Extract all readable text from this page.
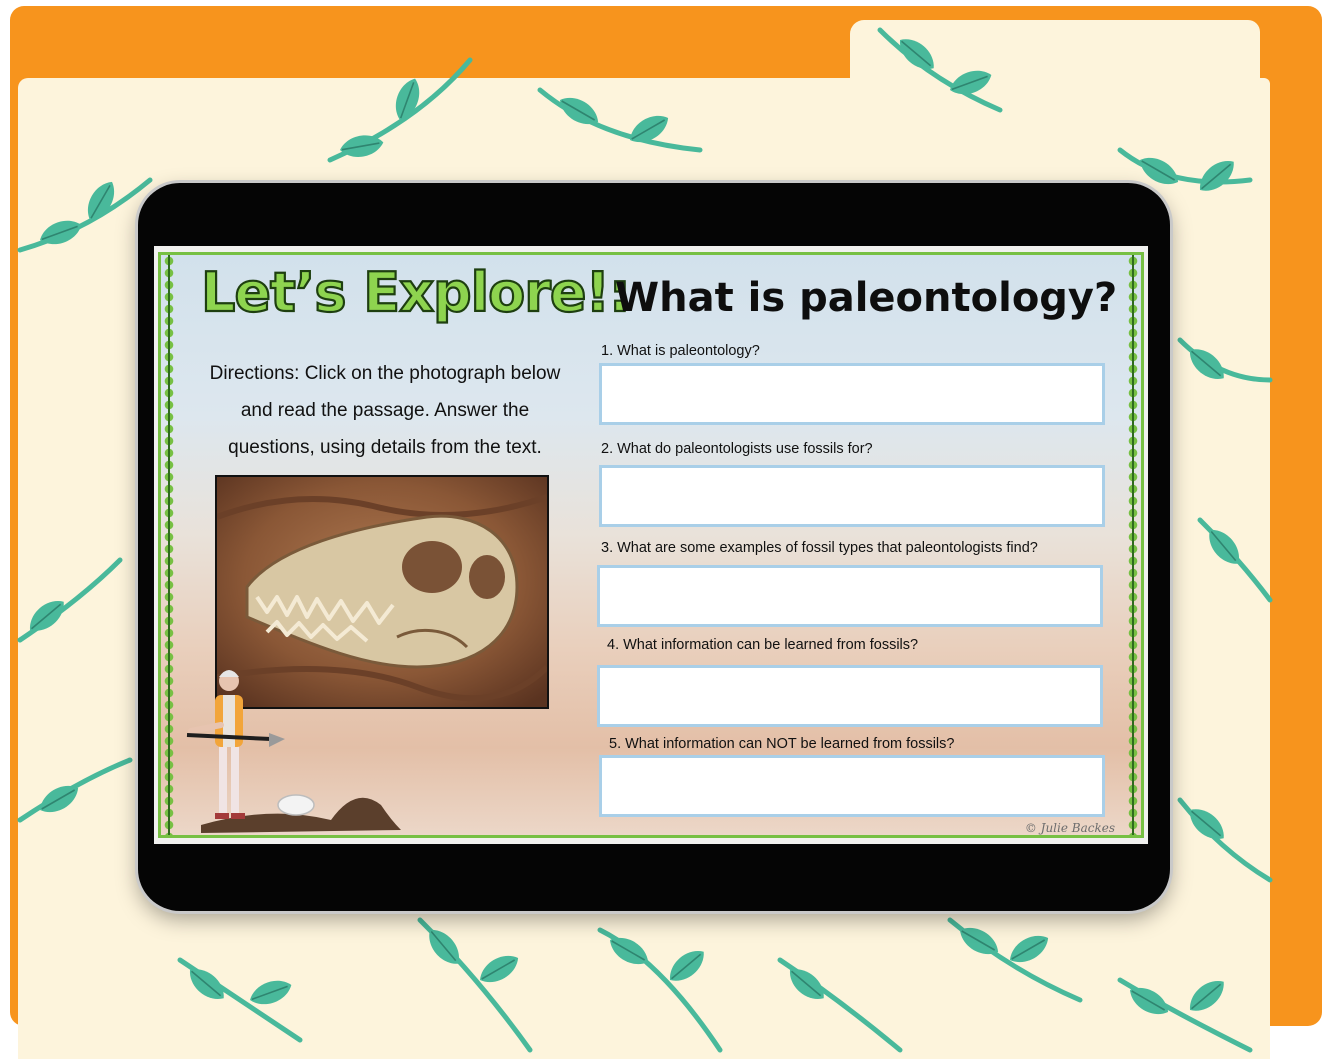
Let’s Explore!:
What is paleontology?
Directions: Click on the photograph below and read the passage. Answer the questions, using details from the text.
1. What is paleontology?
2. What do paleontologists use fossils for?
3. What are some examples of fossil types that paleontologists find?
4. What information can be learned from fossils?
5. What information can NOT be learned from fossils?
© Julie Backes
